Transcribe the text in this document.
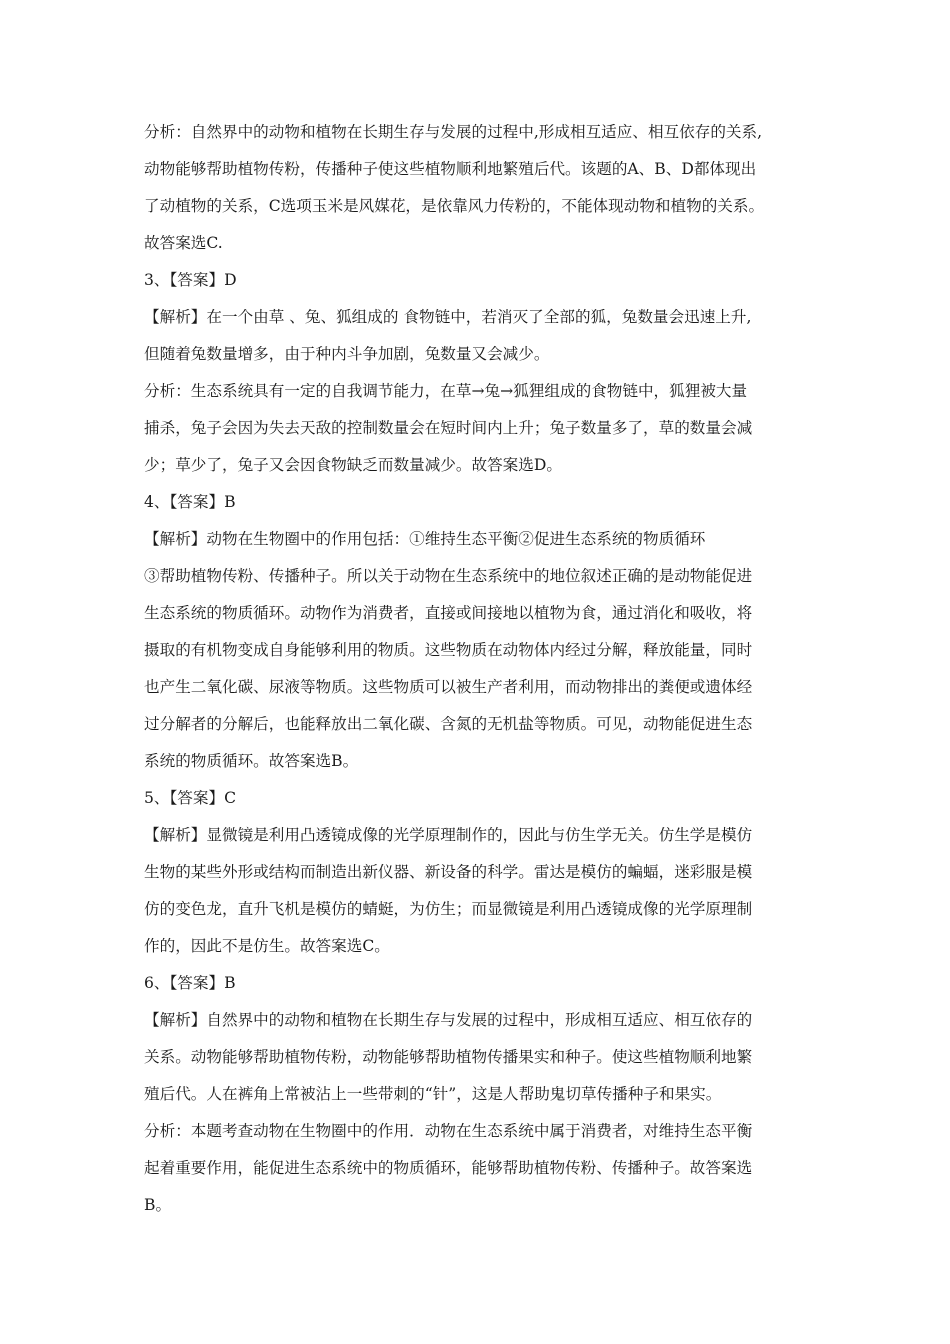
分析：自然界中的动物和植物在长期生存与发展的过程中,形成相互适应、相互依存的关系,
动物能够帮助植物传粉，传播种子使这些植物顺利地繁殖后代。该题的A、B、D都体现出
了动植物的关系，C选项玉米是风媒花，是依靠风力传粉的，不能体现动物和植物的关系。
故答案选C.
3、【答案】D
【解析】在一个由草 、兔、狐组成的 食物链中，若消灭了全部的狐，兔数量会迅速上升,
但随着兔数量增多，由于种内斗争加剧，兔数量又会减少。
分析：生态系统具有一定的自我调节能力，在草→兔→狐狸组成的食物链中，狐狸被大量
捕杀，兔子会因为失去天敌的控制数量会在短时间内上升；兔子数量多了，草的数量会减
少；草少了，兔子又会因食物缺乏而数量减少。故答案选D。
4、【答案】B
【解析】动物在生物圈中的作用包括：①维持生态平衡②促进生态系统的物质循环
③帮助植物传粉、传播种子。所以关于动物在生态系统中的地位叙述正确的是动物能促进
生态系统的物质循环。动物作为消费者，直接或间接地以植物为食，通过消化和吸收，将
摄取的有机物变成自身能够利用的物质。这些物质在动物体内经过分解，释放能量，同时
也产生二氧化碳、尿液等物质。这些物质可以被生产者利用，而动物排出的粪便或遗体经
过分解者的分解后，也能释放出二氧化碳、含氮的无机盐等物质。可见，动物能促进生态
系统的物质循环。故答案选B。
5、【答案】C
【解析】显微镜是利用凸透镜成像的光学原理制作的，因此与仿生学无关。仿生学是模仿
生物的某些外形或结构而制造出新仪器、新设备的科学。雷达是模仿的蝙蝠，迷彩服是模
仿的变色龙，直升飞机是模仿的蜻蜓，为仿生；而显微镜是利用凸透镜成像的光学原理制
作的，因此不是仿生。故答案选C。
6、【答案】B
【解析】自然界中的动物和植物在长期生存与发展的过程中，形成相互适应、相互依存的
关系。动物能够帮助植物传粉，动物能够帮助植物传播果实和种子。使这些植物顺利地繁
殖后代。人在裤角上常被沾上一些带刺的“针”，这是人帮助鬼切草传播种子和果实。
分析：本题考查动物在生物圈中的作用．动物在生态系统中属于消费者，对维持生态平衡
起着重要作用，能促进生态系统中的物质循环，能够帮助植物传粉、传播种子。故答案选
B。
